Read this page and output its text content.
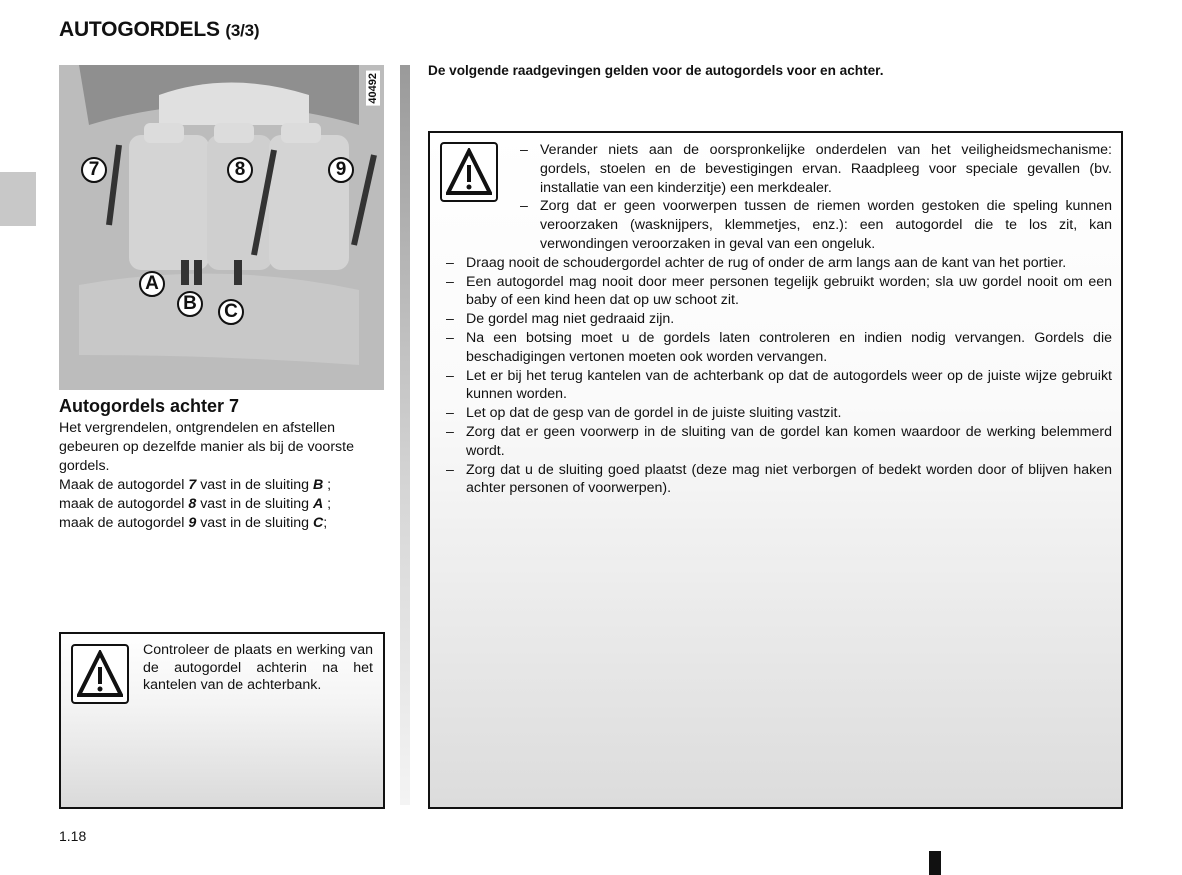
AUTOGORDELS (3/3)
7	8	9
A
B	C
40492
Autogordels achter 7
Het vergrendelen, ontgrendelen en afstellen gebeuren op dezelfde manier als bij de voorste gordels.
Maak de autogordel 7 vast in de sluiting B ;
maak de autogordel 8 vast in de sluiting A ;
maak de autogordel 9 vast in de sluiting C;
Controleer de plaats en werking van de autogordel achterin na het kantelen van de achterbank.
De volgende raadgevingen gelden voor de autogordels voor en achter.
– Verander niets aan de oorspronkelijke onderdelen van het veiligheidsmechanisme: gordels, stoelen en de bevestigingen ervan. Raadpleeg voor speciale gevallen (bv. installatie van een kinderzitje) een merkdealer.
– Zorg dat er geen voorwerpen tussen de riemen worden gestoken die speling kunnen veroorzaken (wasknijpers, klemmetjes, enz.): een autogordel die te los zit, kan verwondingen veroorzaken in geval van een ongeluk.
– Draag nooit de schoudergordel achter de rug of onder de arm langs aan de kant van het portier.
– Een autogordel mag nooit door meer personen tegelijk gebruikt worden; sla uw gordel nooit om een baby of een kind heen dat op uw schoot zit.
– De gordel mag niet gedraaid zijn.
– Na een botsing moet u de gordels laten controleren en indien nodig vervangen. Gordels die beschadigingen vertonen moeten ook worden vervangen.
– Let er bij het terug kantelen van de achterbank op dat de autogordels weer op de juiste wijze gebruikt kunnen worden.
– Let op dat de gesp van de gordel in de juiste sluiting vastzit.
– Zorg dat er geen voorwerp in de sluiting van de gordel kan komen waardoor de werking belemmerd wordt.
– Zorg dat u de sluiting goed plaatst (deze mag niet verborgen of bedekt worden door of blijven haken achter personen of voorwerpen).
1.18
